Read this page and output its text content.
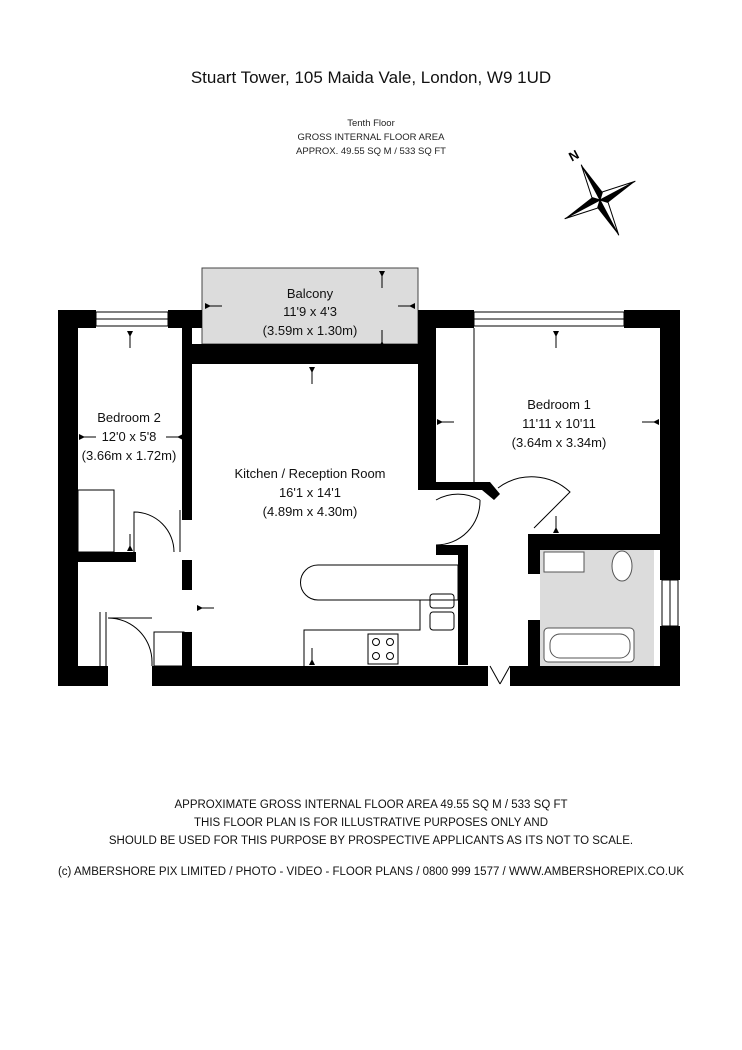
Stuart Tower, 105 Maida Vale, London, W9 1UD
Tenth Floor
GROSS INTERNAL FLOOR AREA
APPROX. 49.55 SQ M / 533 SQ FT	N
Balcony
11'9 x 4'3
(3.59m x 1.30m)
Bedroom 2
12'0 x 5'8
(3.66m x 1.72m)
Kitchen / Reception Room
16'1 x 14'1
(4.89m x 4.30m)
Bedroom 1
11'11 x 10'11
(3.64m x 3.34m)
APPROXIMATE GROSS INTERNAL FLOOR AREA 49.55 SQ M / 533 SQ FT
THIS FLOOR PLAN IS FOR ILLUSTRATIVE PURPOSES ONLY AND
SHOULD BE USED FOR THIS PURPOSE BY PROSPECTIVE APPLICANTS AS ITS NOT TO SCALE.
(c) AMBERSHORE PIX LIMITED / PHOTO - VIDEO - FLOOR PLANS / 0800 999 1577 / WWW.AMBERSHOREPIX.CO.UK
